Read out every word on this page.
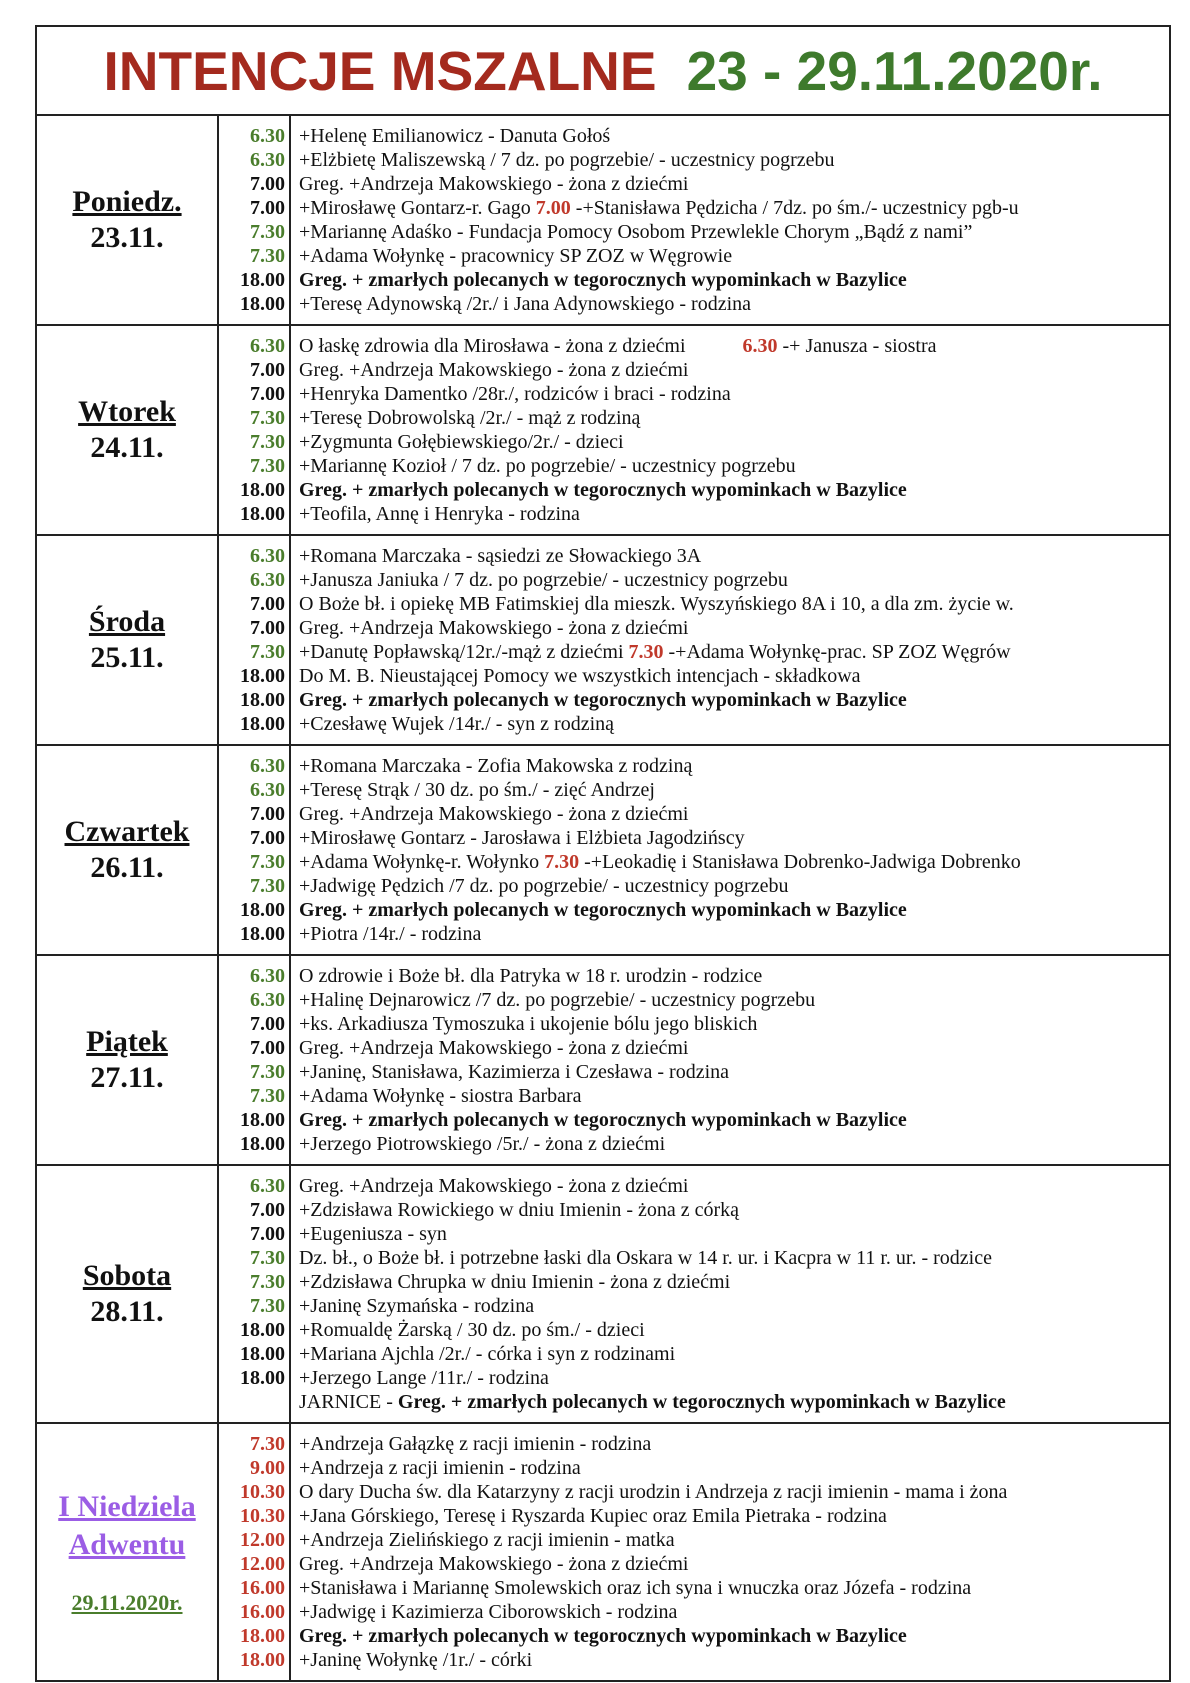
INTENCJE MSZALNE 23 - 29.11.2020r.
Poniedz.
23.11.
6.30
6.30
7.00
7.00
7.30
7.30
18.00
18.00
+Helenę Emilianowicz - Danuta Gołoś
+Elżbietę Maliszewską / 7 dz. po pogrzebie/ - uczestnicy pogrzebu
Greg. +Andrzeja Makowskiego - żona z dziećmi
+Mirosławę Gontarz-r. Gago 7.00 -+Stanisława Pędzicha / 7dz. po śm./- uczestnicy pgb-u
+Mariannę Adaśko - Fundacja Pomocy Osobom Przewlekle Chorym „Bądź z nami”
+Adama Wołynkę - pracownicy SP ZOZ w Węgrowie
Greg. + zmarłych polecanych w tegorocznych wypominkach w Bazylice
+Teresę Adynowską /2r./ i Jana Adynowskiego - rodzina
Wtorek
24.11.
6.30
7.00
7.00
7.30
7.30
7.30
18.00
18.00
O łaskę zdrowia dla Mirosława - żona z dziećmi	6.30 -+ Janusza - siostra
Greg. +Andrzeja Makowskiego - żona z dziećmi
+Henryka Damentko /28r./, rodziców i braci - rodzina
+Teresę Dobrowolską /2r./ - mąż z rodziną
+Zygmunta Gołębiewskiego/2r./ - dzieci
+Mariannę Kozioł / 7 dz. po pogrzebie/ - uczestnicy pogrzebu
Greg. + zmarłych polecanych w tegorocznych wypominkach w Bazylice
+Teofila, Annę i Henryka - rodzina
Środa
25.11.
6.30
6.30
7.00
7.00
7.30
18.00
18.00
18.00
+Romana Marczaka - sąsiedzi ze Słowackiego 3A
+Janusza Janiuka / 7 dz. po pogrzebie/ - uczestnicy pogrzebu
O Boże bł. i opiekę MB Fatimskiej dla mieszk. Wyszyńskiego 8A i 10, a dla zm. życie w.
Greg. +Andrzeja Makowskiego - żona z dziećmi
+Danutę Popławską/12r./-mąż z dziećmi 7.30 -+Adama Wołynkę-prac. SP ZOZ Węgrów
Do M. B. Nieustającej Pomocy we wszystkich intencjach - składkowa
Greg. + zmarłych polecanych w tegorocznych wypominkach w Bazylice
+Czesławę Wujek /14r./ - syn z rodziną
Czwartek
26.11.
6.30
6.30
7.00
7.00
7.30
7.30
18.00
18.00
+Romana Marczaka - Zofia Makowska z rodziną
+Teresę Strąk / 30 dz. po śm./ - zięć Andrzej
Greg. +Andrzeja Makowskiego - żona z dziećmi
+Mirosławę Gontarz - Jarosława i Elżbieta Jagodzińscy
+Adama Wołynkę-r. Wołynko 7.30 -+Leokadię i Stanisława Dobrenko-Jadwiga Dobrenko
+Jadwigę Pędzich /7 dz. po pogrzebie/ - uczestnicy pogrzebu
Greg. + zmarłych polecanych w tegorocznych wypominkach w Bazylice
+Piotra /14r./ - rodzina
Piątek
27.11.
6.30
6.30
7.00
7.00
7.30
7.30
18.00
18.00
O zdrowie i Boże bł. dla Patryka w 18 r. urodzin - rodzice
+Halinę Dejnarowicz /7 dz. po pogrzebie/ - uczestnicy pogrzebu
+ks. Arkadiusza Tymoszuka i ukojenie bólu jego bliskich
Greg. +Andrzeja Makowskiego - żona z dziećmi
+Janinę, Stanisława, Kazimierza i Czesława - rodzina
+Adama Wołynkę - siostra Barbara
Greg. + zmarłych polecanych w tegorocznych wypominkach w Bazylice
+Jerzego Piotrowskiego /5r./ - żona z dziećmi
Sobota
28.11.
6.30
7.00
7.00
7.30
7.30
7.30
18.00
18.00
18.00

Greg. +Andrzeja Makowskiego - żona z dziećmi
+Zdzisława Rowickiego w dniu Imienin - żona z córką
+Eugeniusza - syn
Dz. bł., o Boże bł. i potrzebne łaski dla Oskara w 14 r. ur. i Kacpra w 11 r. ur. - rodzice
+Zdzisława Chrupka w dniu Imienin - żona z dziećmi
+Janinę Szymańska - rodzina
+Romualdę Żarską / 30 dz. po śm./ - dzieci
+Mariana Ajchla /2r./ - córka i syn z rodzinami
+Jerzego Lange /11r./ - rodzina
JARNICE - Greg. + zmarłych polecanych w tegorocznych wypominkach w Bazylice
I Niedziela
Adwentu
29.11.2020r.
7.30
9.00
10.30
10.30
12.00
12.00
16.00
16.00
18.00
18.00
+Andrzeja Gałązkę z racji imienin - rodzina
+Andrzeja z racji imienin - rodzina
O dary Ducha św. dla Katarzyny z racji urodzin i Andrzeja z racji imienin - mama i żona
+Jana Górskiego, Teresę i Ryszarda Kupiec oraz Emila Pietraka - rodzina
+Andrzeja Zielińskiego z racji imienin - matka
Greg. +Andrzeja Makowskiego - żona z dziećmi
+Stanisława i Mariannę Smolewskich oraz ich syna i wnuczka oraz Józefa - rodzina
+Jadwigę i Kazimierza Ciborowskich - rodzina
Greg. + zmarłych polecanych w tegorocznych wypominkach w Bazylice
+Janinę Wołynkę /1r./ - córki
